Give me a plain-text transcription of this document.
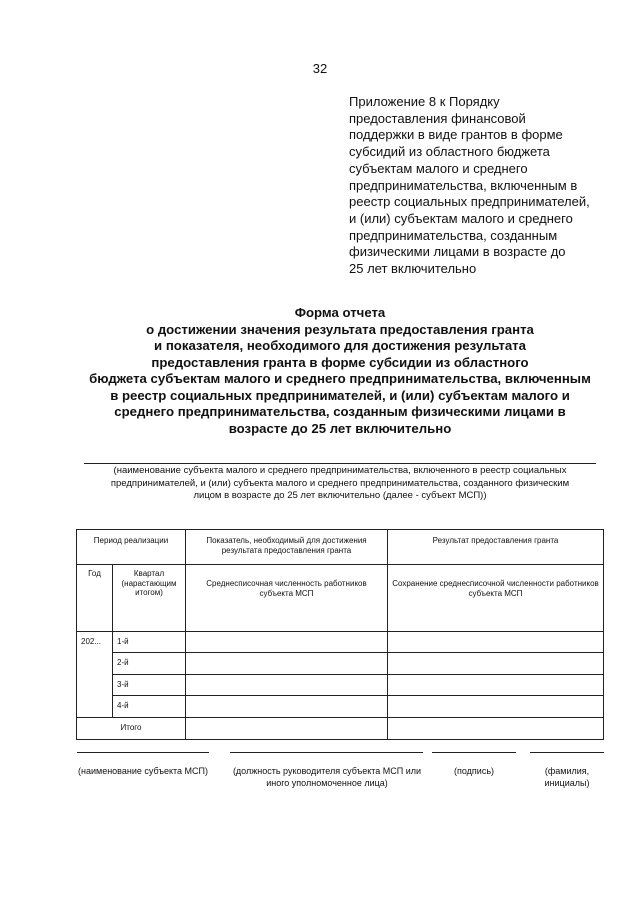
32
Приложение 8 к Порядку
предоставления финансовой
поддержки в виде грантов в форме
субсидий из областного бюджета
субъектам малого и среднего
предпринимательства, включенным в
реестр социальных предпринимателей,
и (или) субъектам малого и среднего
предпринимательства, созданным
физическими лицами в возрасте до
25 лет включительно
Форма отчета
о достижении значения результата предоставления гранта
и показателя, необходимого для достижения результата
предоставления гранта в форме субсидии из областного
бюджета субъектам малого и среднего предпринимательства, включенным
в реестр социальных предпринимателей, и (или) субъектам малого и
среднего предпринимательства, созданным физическими лицами в
возрасте до 25 лет включительно
(наименование субъекта малого и среднего предпринимательства, включенного в реестр социальных
предпринимателей, и (или) субъекта малого и среднего предпринимательства, созданного физическим
лицом в возрасте до 25 лет включительно (далее - субъект МСП))
Период реализации		Показатель, необходимый для достижения результата предоставления гранта	Результат предоставления гранта
Год	Квартал (нарастающим итогом)	Среднесписочная численность работников субъекта МСП	Сохранение среднесписочной численности работников субъекта МСП
202...	1-й		
	2-й		
	3-й		
	4-й		
Итого			
(наименование субъекта МСП)	(должность руководителя субъекта МСП или иного уполномоченное лица)
(подпись)	(фамилия, инициалы)
